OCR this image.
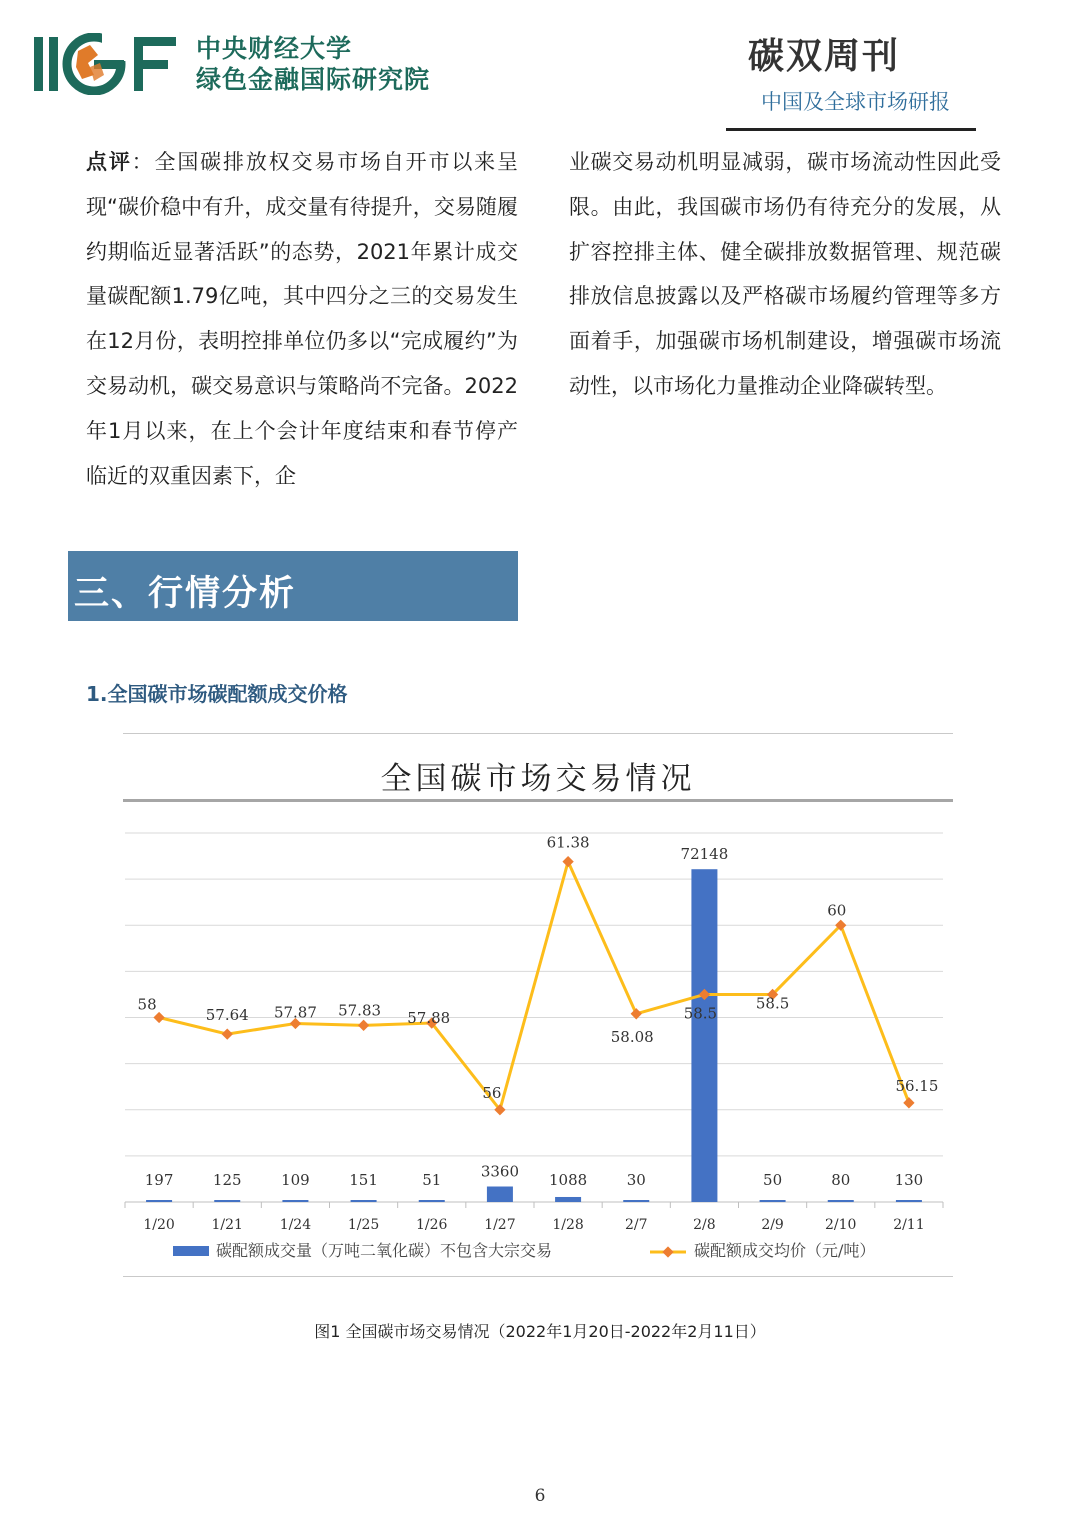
中央财经大学
绿色金融国际研究院
碳双周刊
中国及全球市场研报
点评：全国碳排放权交易市场自开市以来呈现“碳价稳中有升，成交量有待提升，交易随履约期临近显著活跃”的态势，2021年累计成交量碳配额1.79亿吨，其中四分之三的交易发生在12月份，表明控排单位仍多以“完成履约”为交易动机，碳交易意识与策略尚不完备。2022年1月以来，在上个会计年度结束和春节停产临近的双重因素下，企
业碳交易动机明显减弱，碳市场流动性因此受限。由此，我国碳市场仍有待充分的发展，从扩容控排主体、健全碳排放数据管理、规范碳排放信息披露以及严格碳市场履约管理等多方面着手，加强碳市场机制建设，增强碳市场流动性，以市场化力量推动企业降碳转型。
三、行情分析
1.全国碳市场碳配额成交价格
全国碳市场交易情况
197	125	109	151	51	3360 1088	30
72148
50	80	130
58
57.64 57.87 57.83 57.88
56
61.38
58.08
58.5
58.5
60
56.15
1/20	1/21	1/24	1/25	1/26	1/27	1/28	2/7	2/8	2/9	2/10	2/11
碳配额成交量（万吨二氧化碳）不包含大宗交易	碳配额成交均价（元/吨）
图1 全国碳市场交易情况（2022年1月20日-2022年2月11日）
6
